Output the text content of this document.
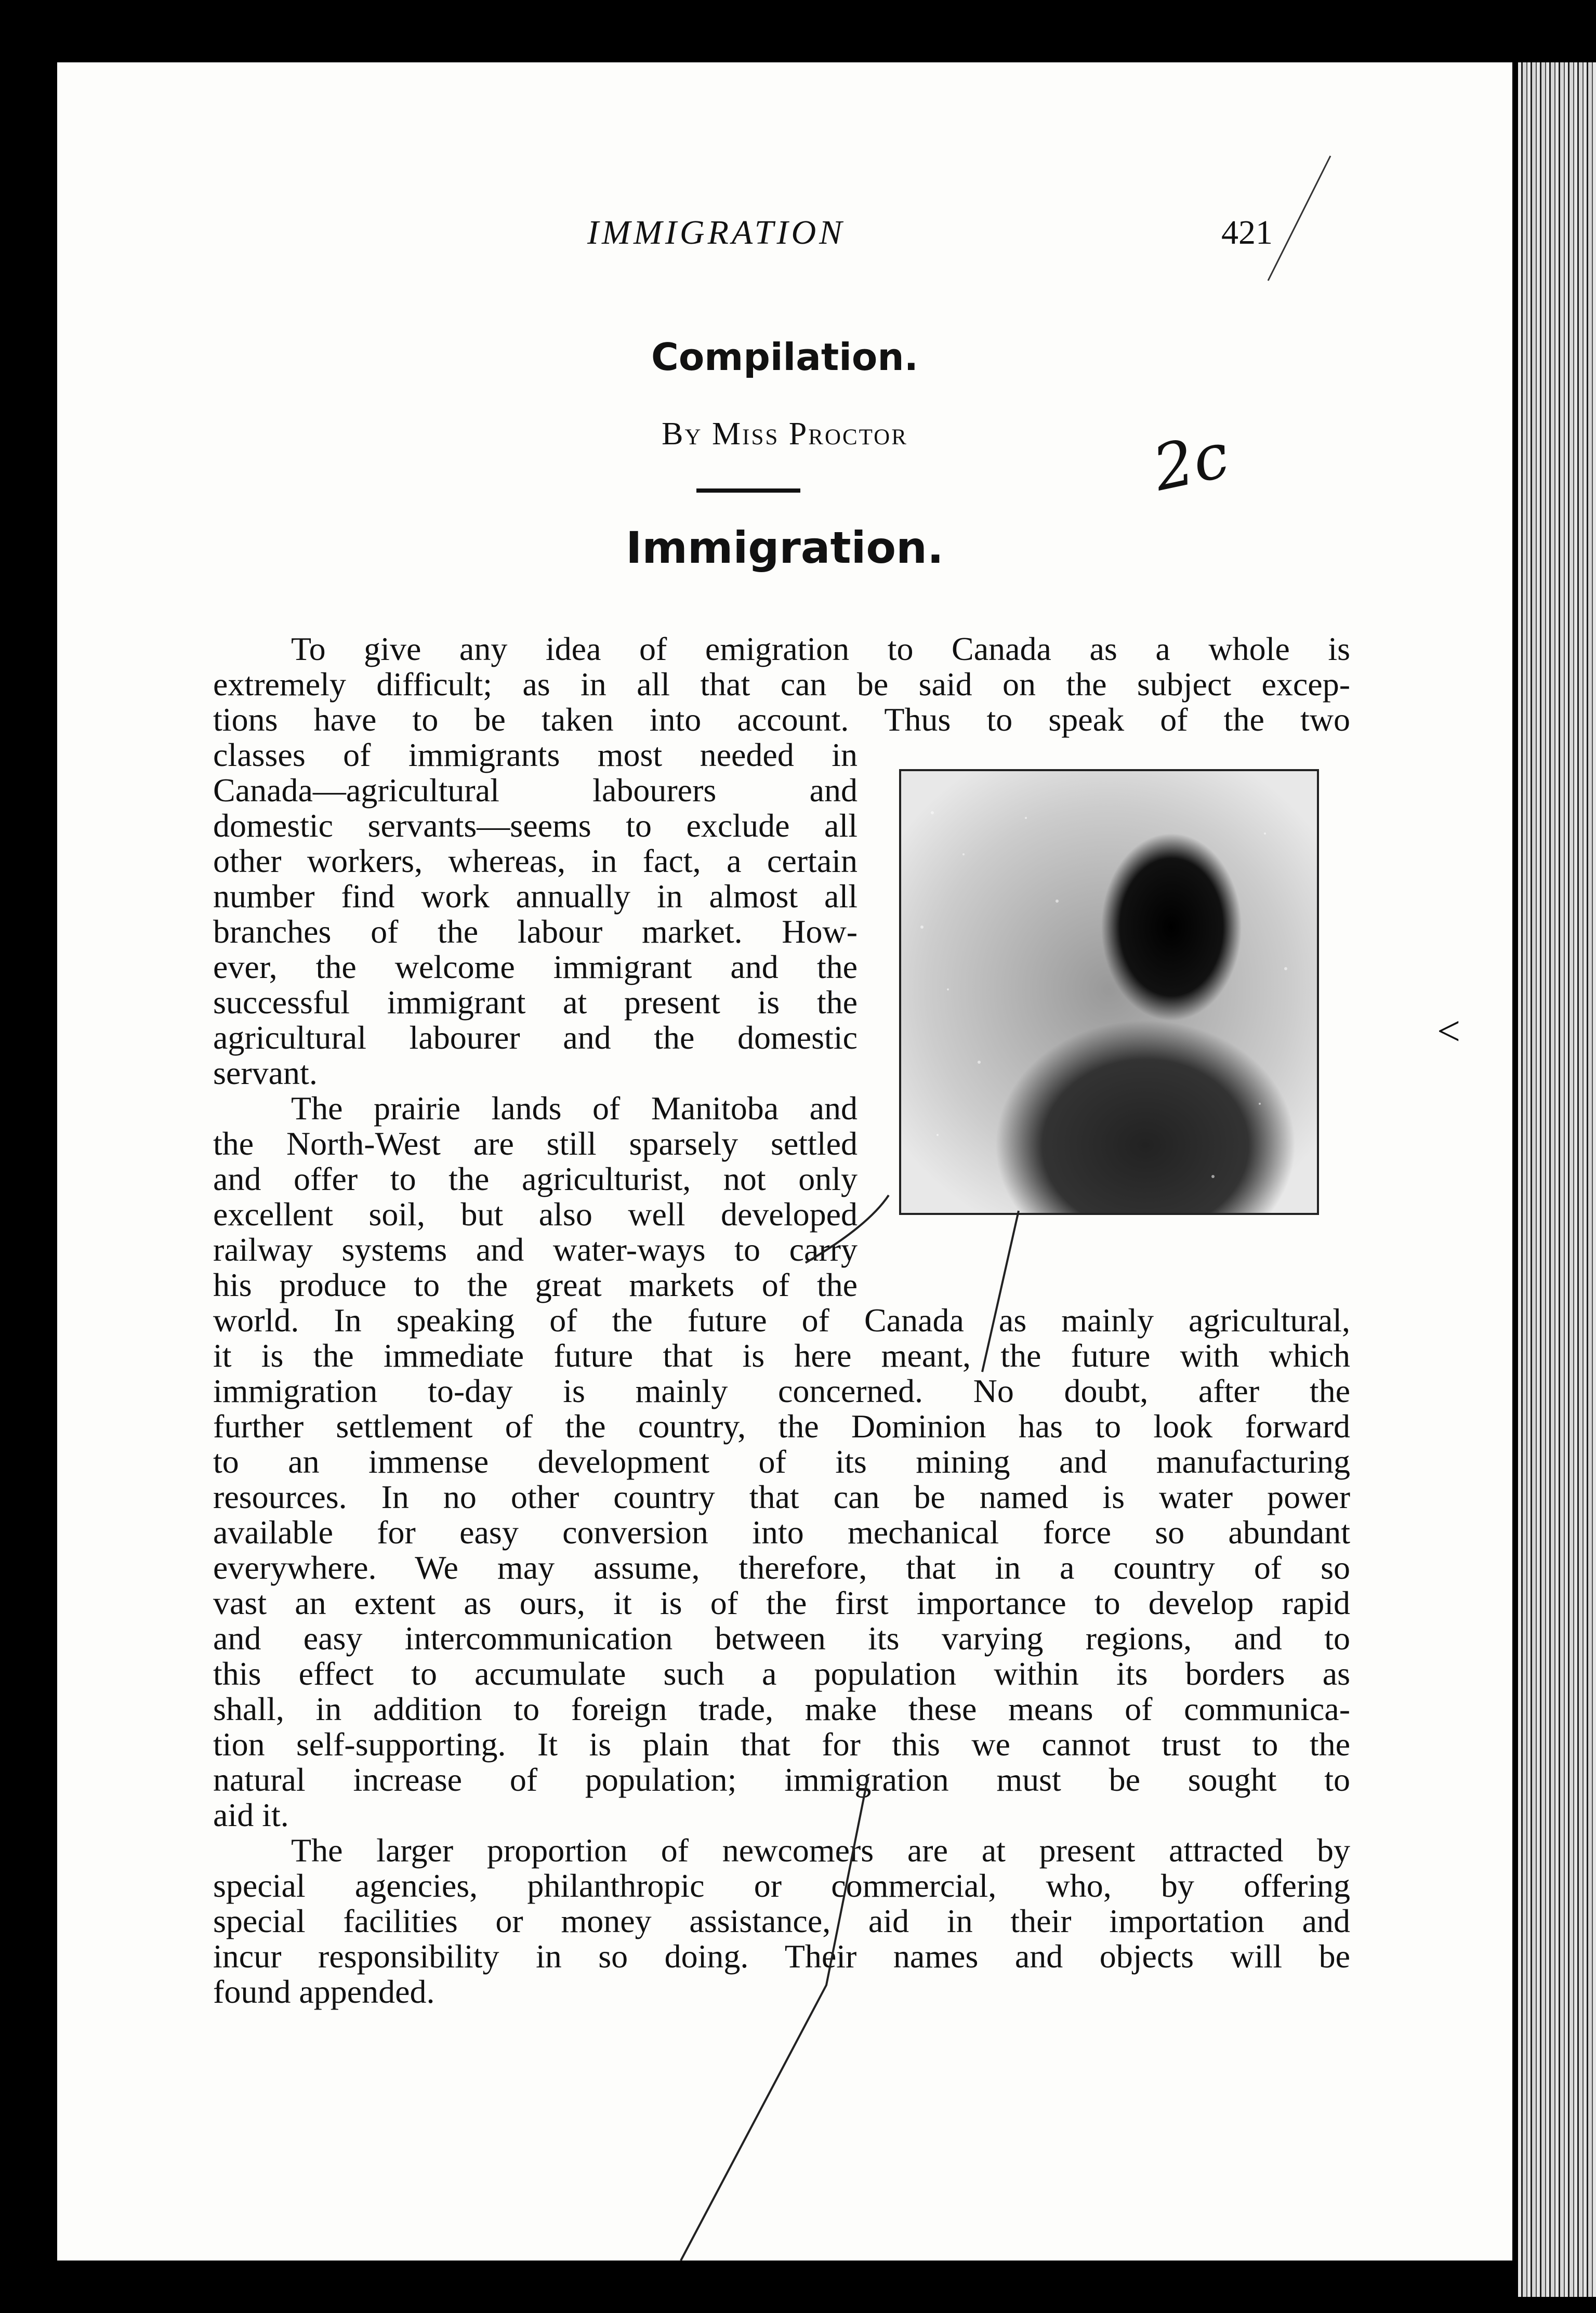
IMMIGRATION	421
Compilation.
By Miss Proctor
Immigration.
2c
<
To give any idea of emigration to Canada as a whole is
extremely difficult; as in all that can be said on the subject excep-
tions have to be taken into account. Thus to speak of the two
classes of immigrants most needed in
Canada—agricultural labourers and
domestic servants—seems to exclude all
other workers, whereas, in fact, a certain
number find work annually in almost all
branches of the labour market. How-
ever, the welcome immigrant and the
successful immigrant at present is the
agricultural labourer and the domestic
servant.
The prairie lands of Manitoba and
the North-West are still sparsely settled
and offer to the agriculturist, not only
excellent soil, but also well developed
railway systems and water-ways to carry
his produce to the great markets of the
world. In speaking of the future of Canada as mainly agricultural,
it is the immediate future that is here meant, the future with which
immigration to-day is mainly concerned. No doubt, after the
further settlement of the country, the Dominion has to look forward
to an immense development of its mining and manufacturing
resources. In no other country that can be named is water power
available for easy conversion into mechanical force so abundant
everywhere. We may assume, therefore, that in a country of so
vast an extent as ours, it is of the first importance to develop rapid
and easy intercommunication between its varying regions, and to
this effect to accumulate such a population within its borders as
shall, in addition to foreign trade, make these means of communica-
tion self-supporting. It is plain that for this we cannot trust to the
natural increase of population; immigration must be sought to
aid it.
The larger proportion of newcomers are at present attracted by
special agencies, philanthropic or commercial, who, by offering
special facilities or money assistance, aid in their importation and
incur responsibility in so doing. Their names and objects will be
found appended.
